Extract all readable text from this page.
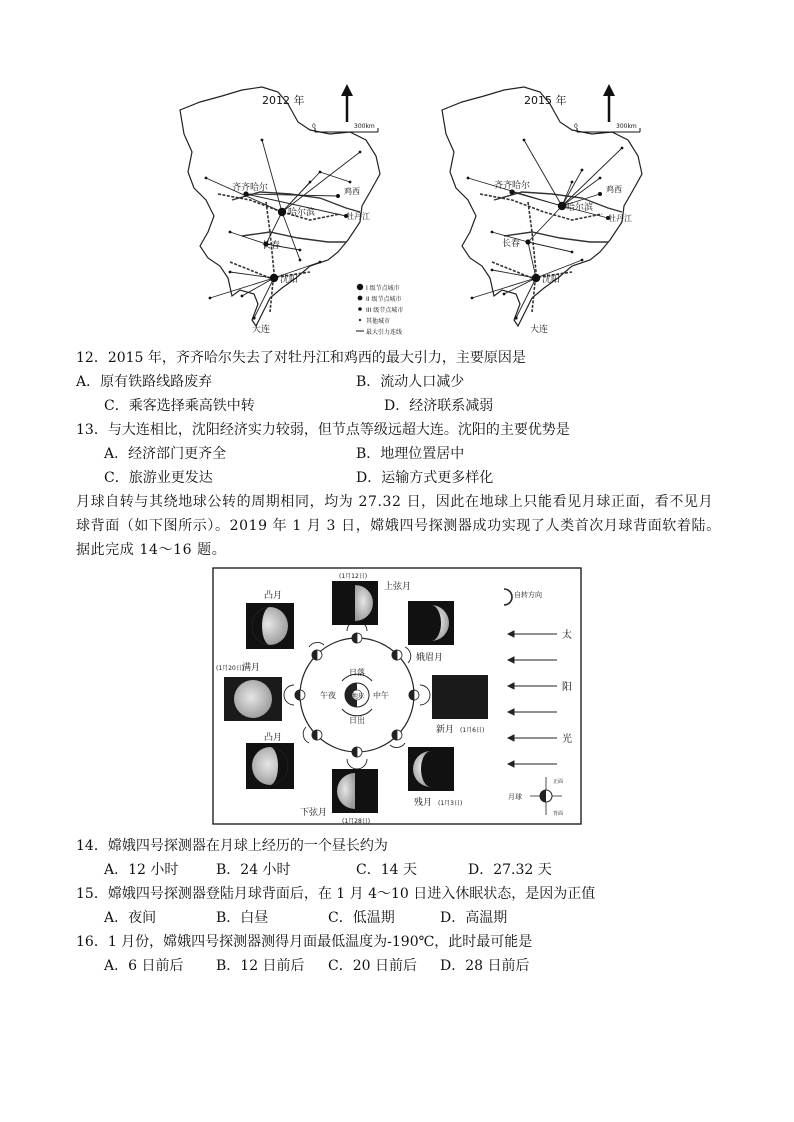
2012 年
N
0	300km
齐齐哈尔
哈尔滨
鸡西
牡丹江
长春
沈阳
大连
I 级节点城市
II 级节点城市
III 级节点城市
其他城市
最大引力连线
2015 年
N
0	300km
齐齐哈尔
哈尔滨
鸡西
牡丹江
长春
沈阳
大连
12．2015 年，齐齐哈尔失去了对牡丹江和鸡西的最大引力，主要原因是
A．原有铁路线路废弃	B．流动人口减少
C．乘客选择乘高铁中转	D．经济联系减弱
13．与大连相比，沈阳经济实力较弱，但节点等级远超大连。沈阳的主要优势是
A．经济部门更齐全	B．地理位置居中
C．旅游业更发达	D．运输方式更多样化
月球自转与其绕地球公转的周期相同，均为 27.32 日，因此在地球上只能看见月球正面，看不见月球背面（如下图所示）。2019 年 1 月 3 日，嫦娥四号探测器成功实现了人类首次月球背面软着陆。据此完成 14～16 题。
地球
日落
中午
日出
午夜
(1月12日)
上弦月
娥眉月
新月 (1月6日)
残月 (1月3日)
下弦月
(1月28日)
凸月
(1月20日)
满月
凸月	自转方向
太
阳
光
月球
正面
背面
14．嫦娥四号探测器在月球上经历的一个昼长约为
A．12 小时	B．24 小时	C．14 天	D．27.32 天
15．嫦娥四号探测器登陆月球背面后，在 1 月 4～10 日进入休眠状态，是因为正值
A．夜间	B．白昼	C．低温期	D．高温期
16．1 月份，嫦娥四号探测器测得月面最低温度为-190℃，此时最可能是
A．6 日前后 B．12 日前后 C．20 日前后 D．28 日前后
